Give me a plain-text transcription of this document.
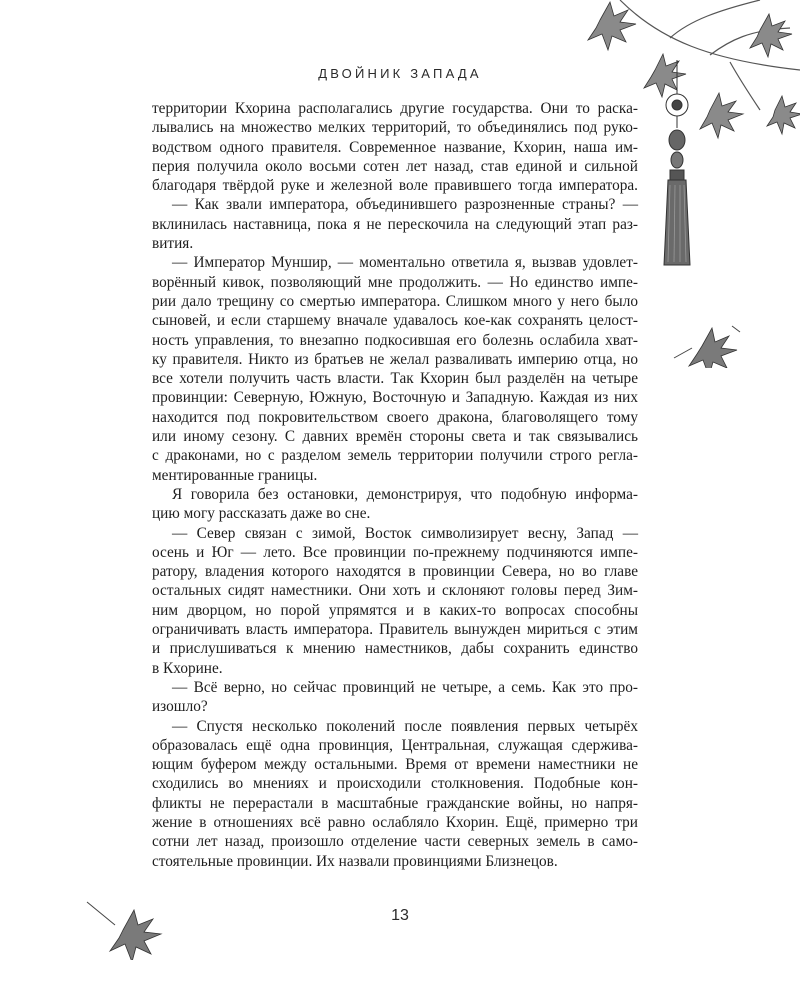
ДВОЙНИК ЗАПАДА
территории Кхорина располагались другие государства. Они то раска-
лывались на множество мелких территорий, то объединялись под руко-
водством одного правителя. Современное название, Кхорин, наша им-
перия получила около восьми сотен лет назад, став единой и сильной
благодаря твёрдой руке и железной воле правившего тогда императора.
— Как звали императора, объединившего разрозненные страны? —
вклинилась наставница, пока я не перескочила на следующий этап раз-
вития.
— Император Муншир, — моментально ответила я, вызвав удовлет-
ворённый кивок, позволяющий мне продолжить. — Но единство импе-
рии дало трещину со смертью императора. Слишком много у него было
сыновей, и если старшему вначале удавалось кое-как сохранять целост-
ность управления, то внезапно подкосившая его болезнь ослабила хват-
ку правителя. Никто из братьев не желал разваливать империю отца, но
все хотели получить часть власти. Так Кхорин был разделён на четыре
провинции: Северную, Южную, Восточную и Западную. Каждая из них
находится под покровительством своего дракона, благоволящего тому
или иному сезону. С давних времён стороны света и так связывались
с драконами, но с разделом земель территории получили строго регла-
ментированные границы.
Я говорила без остановки, демонстрируя, что подобную информа-
цию могу рассказать даже во сне.
— Север связан с зимой, Восток символизирует весну, Запад —
осень и Юг — лето. Все провинции по-прежнему подчиняются импе-
ратору, владения которого находятся в провинции Севера, но во главе
остальных сидят наместники. Они хоть и склоняют головы перед Зим-
ним дворцом, но порой упрямятся и в каких-то вопросах способны
ограничивать власть императора. Правитель вынужден мириться с этим
и прислушиваться к мнению наместников, дабы сохранить единство
в Кхорине.
— Всё верно, но сейчас провинций не четыре, а семь. Как это про-
изошло?
— Спустя несколько поколений после появления первых четырёх
образовалась ещё одна провинция, Центральная, служащая сдержива-
ющим буфером между остальными. Время от времени наместники не
сходились во мнениях и происходили столкновения. Подобные кон-
фликты не перерастали в масштабные гражданские войны, но напря-
жение в отношениях всё равно ослабляло Кхорин. Ещё, примерно три
сотни лет назад, произошло отделение части северных земель в само-
стоятельные провинции. Их назвали провинциями Близнецов.
13
